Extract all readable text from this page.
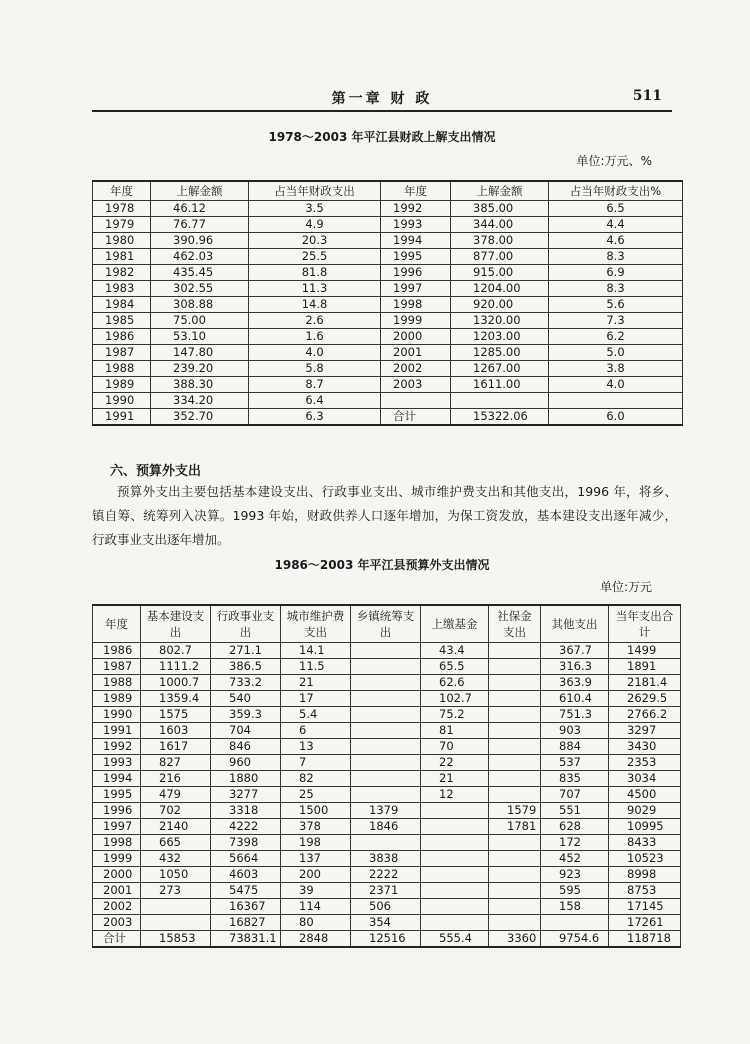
第一章 财 政	511
1978～2003 年平江县财政上解支出情况
单位:万元、%
年度	上解金额	占当年财政支出	年度	上解金额	占当年财政支出%
1978	46.12	3.5	1992	385.00	6.5
1979	76.77	4.9	1993	344.00	4.4
1980	390.96	20.3	1994	378.00	4.6
1981	462.03	25.5	1995	877.00	8.3
1982	435.45	81.8	1996	915.00	6.9
1983	302.55	11.3	1997	1204.00	8.3
1984	308.88	14.8	1998	920.00	5.6
1985	75.00	2.6	1999	1320.00	7.3
1986	53.10	1.6	2000	1203.00	6.2
1987	147.80	4.0	2001	1285.00	5.0
1988	239.20	5.8	2002	1267.00	3.8
1989	388.30	8.7	2003	1611.00	4.0
1990	334.20	6.4			
1991	352.70	6.3	合计	15322.06	6.0
六、预算外支出
预算外支出主要包括基本建设支出、行政事业支出、城市维护费支出和其他支出，1996 年，将乡、镇自筹、统筹列入决算。1993 年始，财政供养人口逐年增加，为保工资发放，基本建设支出逐年减少，行政事业支出逐年增加。
1986～2003 年平江县预算外支出情况
单位:万元
年度	基本建设支出	行政事业支出	城市维护费支出	乡镇统筹支出	上缴基金	社保金支出	其他支出	当年支出合计
1986	802.7	271.1	14.1		43.4		367.7	1499
1987	1111.2	386.5	11.5		65.5		316.3	1891
1988	1000.7	733.2	21		62.6		363.9	2181.4
1989	1359.4	540	17		102.7		610.4	2629.5
1990	1575	359.3	5.4		75.2		751.3	2766.2
1991	1603	704	6		81		903	3297
1992	1617	846	13		70		884	3430
1993	827	960	7		22		537	2353
1994	216	1880	82		21		835	3034
1995	479	3277	25		12		707	4500
1996	702	3318	1500	1379		1579	551	9029
1997	2140	4222	378	1846		1781	628	10995
1998	665	7398	198				172	8433
1999	432	5664	137	3838			452	10523
2000	1050	4603	200	2222			923	8998
2001	273	5475	39	2371			595	8753
2002		16367	114	506			158	17145
2003		16827	80	354				17261
合计	15853	73831.1	2848	12516	555.4	3360	9754.6	118718
